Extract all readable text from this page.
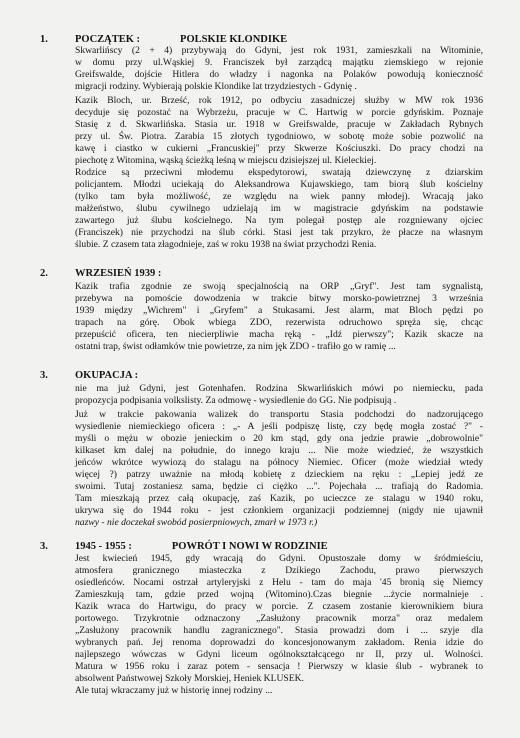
1.	POCZĄTEK :	POLSKIE KLONDIKE
Skwarlińscy (2 + 4) przybywają do Gdyni, jest rok 1931, zamieszkali na Witominie,
w domu przy ul.Wąskiej 9. Franciszek był zarządcą majątku ziemskiego w rejonie
Greifswalde, dojście Hitlera do władzy i nagonka na Polaków powodują konieczność
migracji rodziny. Wybierają polskie Klondike lat trzydziestych - Gdynię .
Kazik Bloch, ur. Brześć, rok 1912, po odbyciu zasadniczej służby w MW rok 1936
decyduje się pozostać na Wybrzeżu, pracuje w C. Hartwig w porcie gdyńskim. Poznaje
Stasię z d. Skwarlińska. Stasia ur. 1918 w Greifswalde, pracuje w Zakładach Rybnych
przy ul. Św. Piotra. Zarabia 15 złotych tygodniowo, w sobotę może sobie pozwolić na
kawę i ciastko w cukierni „Francuskiej" przy Skwerze Kościuszki. Do pracy chodzi na
piechotę z Witomina, wąską ścieżką leśną w miejscu dzisiejszej ul. Kieleckiej.
Rodzice są przeciwni młodemu ekspedytorowi, swatają dziewczynę z dziarskim
policjantem. Młodzi uciekają do Aleksandrowa Kujawskiego, tam biorą ślub kościelny
(tylko tam była możliwość, ze względu na wiek panny młodej). Wracają jako
małżeństwo, ślubu cywilnego udzielają im w magistracie gdyńskim na podstawie
zawartego już ślubu kościelnego. Na tym polegał postęp ale rozgniewany ojciec
(Franciszek) nie przychodzi na ślub córki. Stasi jest tak przykro, że płacze na własnym
ślubie. Z czasem tata złagodnieje, zaś w roku 1938 na świat przychodzi Renia.
2.	WRZESIEŃ 1939 :
Kazik trafia zgodnie ze swoją specjalnością na ORP „Gryf". Jest tam sygnalistą,
przebywa na pomoście dowodzenia w trakcie bitwy morsko-powietrznej 3 września
1939 między „Wichrem" i „Gryfem" a Stukasami. Jest alarm, mat Bloch pędzi po
trapach na górę. Obok wbiega ZDO, rezerwista odruchowo spręża się, chcąc
przepuścić oficera, ten niecierpliwie macha ręką - „Idź pierwszy"; Kazik skacze na
ostatni trap, świst odłamków tnie powietrze, za nim jęk ZDO - trafiło go w ramię ...
3.	OKUPACJA :
nie ma już Gdyni, jest Gotenhafen. Rodzina Skwarlińskich mówi po niemiecku, pada
propozycja podpisania volkslisty. Za odmowę - wysiedlenie do GG. Nie podpisują .
Już w trakcie pakowania walizek do transportu Stasia podchodzi do nadzorującego
wysiedlenie niemieckiego oficera : „- A jeśli podpiszę listę, czy będę mogła zostać ?" -
myśli o mężu w obozie jenieckim o 20 km stąd, gdy ona jedzie prawie „dobrowolnie"
kilkaset km dalej na południe, do innego kraju ... Nie może wiedzieć, że wszystkich
jeńców wkrótce wywiozą do stalagu na północy Niemiec. Oficer (może wiedział wtedy
więcej ?) patrzy uważnie na młodą kobietę z dzieckiem na ręku : „Lepiej jedź ze
swoimi. Tutaj zostaniesz sama, będzie ci ciężko ...". Pojechała ... trafiają do Radomia.
Tam mieszkają przez całą okupację, zaś Kazik, po ucieczce ze stalagu w 1940 roku,
ukrywa się do 1944 roku - jest członkiem organizacji podziemnej (nigdy nie ujawnił
nazwy - nie doczekał swobód posierpniowych, zmarł w 1973 r.)
3.	1945 - 1955 :	POWRÓT I NOWI W RODZINIE
Jest kwiecień 1945, gdy wracają do Gdyni. Opustoszałe domy w śródmieściu,
atmosfera granicznego miasteczka z Dzikiego Zachodu, prawo pierwszych
osiedleńców. Nocami ostrzał artyleryjski z Helu - tam do maja '45 bronią się Niemcy
Zamieszkują tam, gdzie przed wojną (Witomino).Czas biegnie ...życie normalnieje .
Kazik wraca do Hartwigu, do pracy w porcie. Z czasem zostanie kierownikiem biura
portowego. Trzykrotnie odznaczony „Zasłużony pracownik morza" oraz medalem
„Zasłużony pracownik handlu zagranicznego". Stasia prowadzi dom i ... szyje dla
wybranych pań. Jej renoma doprowadzi do koncesjonowanym zakładom. Renia idzie do
najlepszego wówczas w Gdyni liceum ogólnokształcącego nr II, przy ul. Wolności.
Matura w 1956 roku i zaraz potem - sensacja ! Pierwszy w klasie ślub - wybranek to
absolwent Państwowej Szkoły Morskiej, Heniek KLUSEK.
Ale tutaj wkraczamy już w historię innej rodziny ...
